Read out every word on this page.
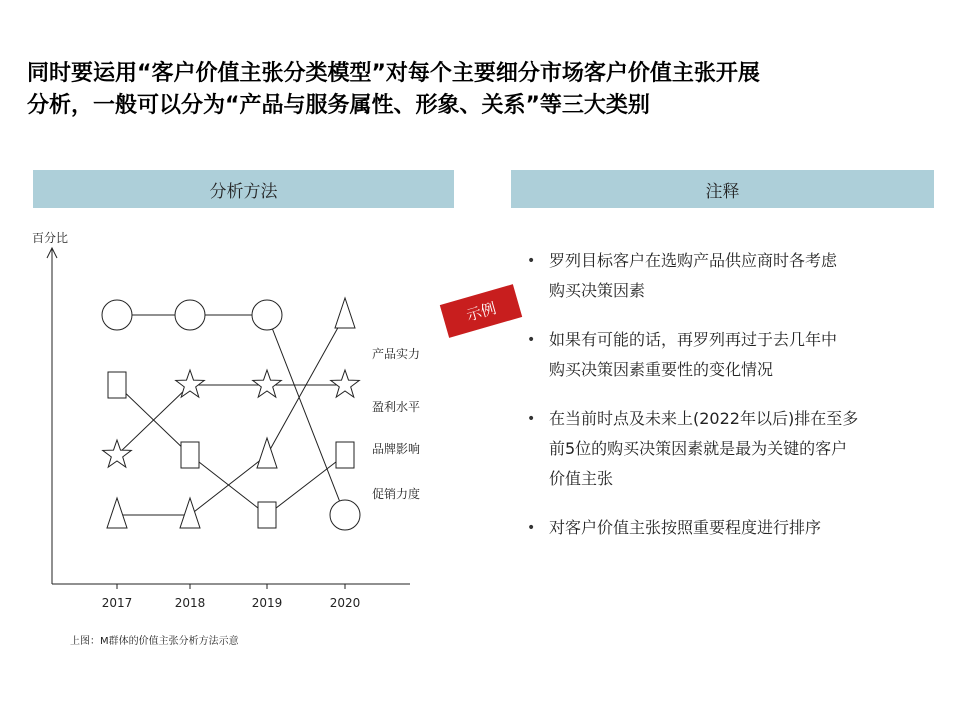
同时要运用“客户价值主张分类模型”对每个主要细分市场客户价值主张开展
分析，一般可以分为“产品与服务属性、形象、关系”等三大类别
分析方法	注释
百分比
2017	2018	2019	2020
产品实力
盈利水平
品牌影响
促销力度
示例
• 罗列目标客户在选购产品供应商时各考虑
购买决策因素
• 如果有可能的话，再罗列再过于去几年中
购买决策因素重要性的变化情况
• 在当前时点及未来上(2022年以后)排在至多
前5位的购买决策因素就是最为关键的客户
价值主张
• 对客户价值主张按照重要程度进行排序
上图：M群体的价值主张分析方法示意
